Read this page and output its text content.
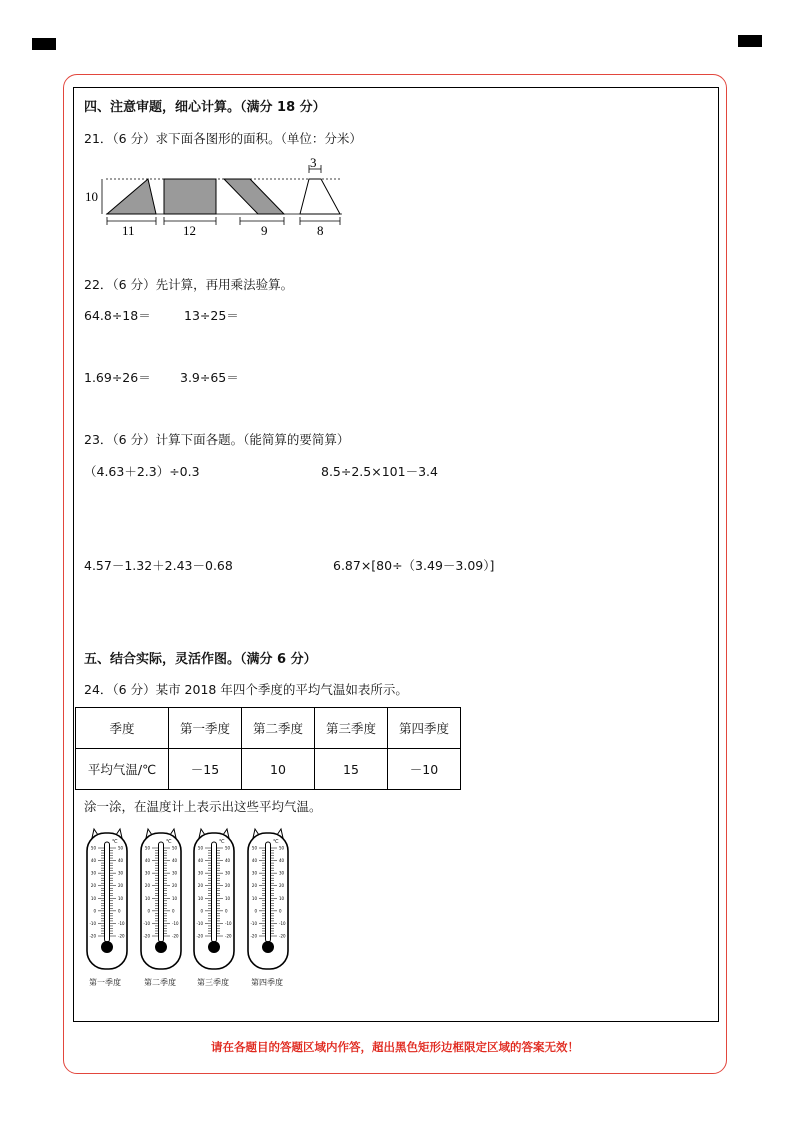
四、注意审题，细心计算。（满分 18 分）
21．（6 分）求下面各图形的面积。（单位：分米）
10
3
11	12	9	8
22．（6 分）先计算，再用乘法验算。
64.8÷18＝	13÷25＝
1.69÷26＝ 3.9÷65＝
23．（6 分）计算下面各题。（能简算的要简算）
（4.63＋2.3）÷0.3	8.5÷2.5×101－3.4
4.57－1.32＋2.43－0.68	6.87×[80÷（3.49－3.09）]
五、结合实际，灵活作图。（满分 6 分）
24．（6 分）某市 2018 年四个季度的平均气温如表所示。
季度	第一季度	第二季度	第三季度	第四季度
平均气温/℃	－15	10	15	－10
涂一涂，在温度计上表示出这些平均气温。
50	50
40	40
30	30
20	20
10	10
0	0
-10	-10
-20	-20
℃
50	50
40	40
30	30
20	20
10	10
0	0
-10	-10
-20	-20
℃
50	50
40	40
30	30
20	20
10	10
0	0
-10	-10
-20	-20
℃
50	50
40	40
30	30
20	20
10	10
0	0
-10	-10
-20	-20
℃
第一季度	第二季度	第三季度	第四季度
请在各题目的答题区域内作答，超出黑色矩形边框限定区域的答案无效！
